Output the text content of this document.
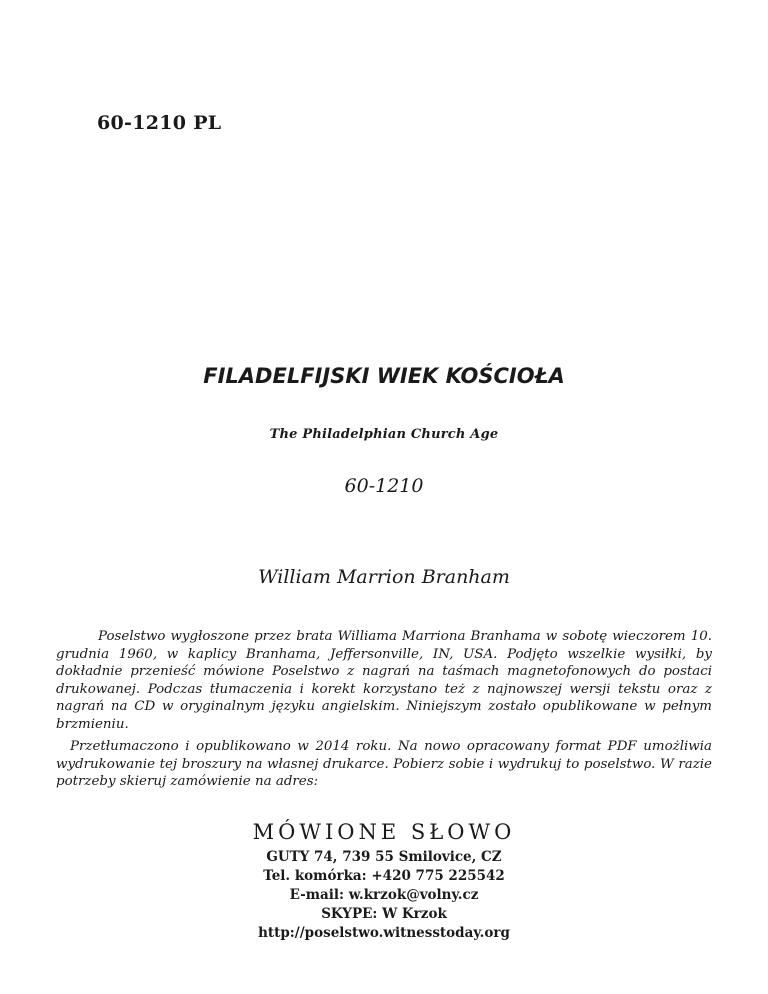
60-1210 PL
FILADELFIJSKI WIEK KOŚCIOŁA
The Philadelphian Church Age
60-1210
William Marrion Branham

Poselstwo wygłoszone przez brata Williama Marriona Branhama w sobotę wieczorem 10. grudnia 1960, w kaplicy Branhama, Jeffersonville, IN, USA. Podjęto wszelkie wysiłki, by dokładnie przenieść mówione Poselstwo z nagrań na taśmach magnetofonowych do postaci drukowanej. Podczas tłumaczenia i korekt korzystano też z najnowszej wersji tekstu oraz z nagrań na CD w oryginalnym języku angielskim. Niniejszym zostało opublikowane w pełnym brzmieniu.

Przetłumaczono i opublikowano w 2014 roku. Na nowo opracowany format PDF umożliwia wydrukowanie tej broszury na własnej drukarce. Pobierz sobie i wydrukuj to poselstwo. W razie potrzeby skieruj zamówienie na adres:

MÓWIONE SŁOWO
GUTY 74, 739 55 Smilovice, CZ
Tel. komórka: +420 775 225542
E-mail: w.krzok@volny.cz
SKYPE: W Krzok
http://poselstwo.witnesstoday.org
